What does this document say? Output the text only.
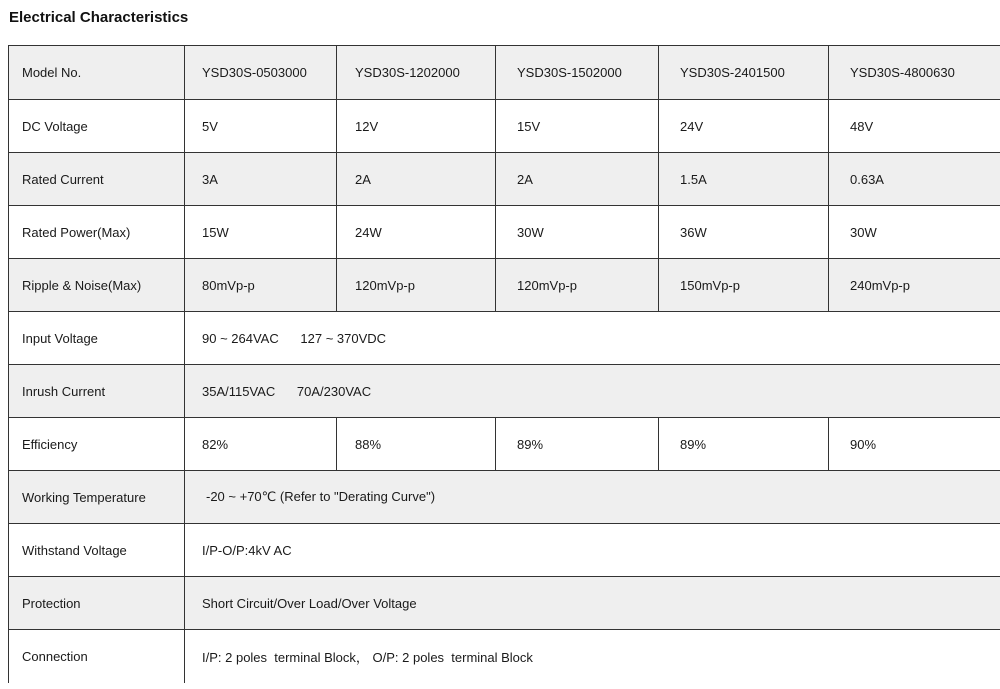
Electrical Characteristics
Model No.	YSD30S-0503000	YSD30S-1202000	YSD30S-1502000	YSD30S-2401500	YSD30S-4800630
DC Voltage	5V	12V	15V	24V	48V
Rated Current	3A	2A	2A	1.5A	0.63A
Rated Power(Max)	15W	24W	30W	36W	30W
Ripple & Noise(Max)	80mVp-p	120mVp-p	120mVp-p	150mVp-p	240mVp-p
Input Voltage	90 ~ 264VAC      127 ~ 370VDC
Inrush Current	35A/115VAC      70A/230VAC
Efficiency	82%	88%	89%	89%	90%
Working Temperature	-20 ~ +70℃ (Refer to "Derating Curve")
Withstand Voltage	I/P-O/P:4kV AC
Protection	Short Circuit/Over Load/Over Voltage
Connection	I/P: 2 poles  terminal Block， O/P: 2 poles  terminal Block
